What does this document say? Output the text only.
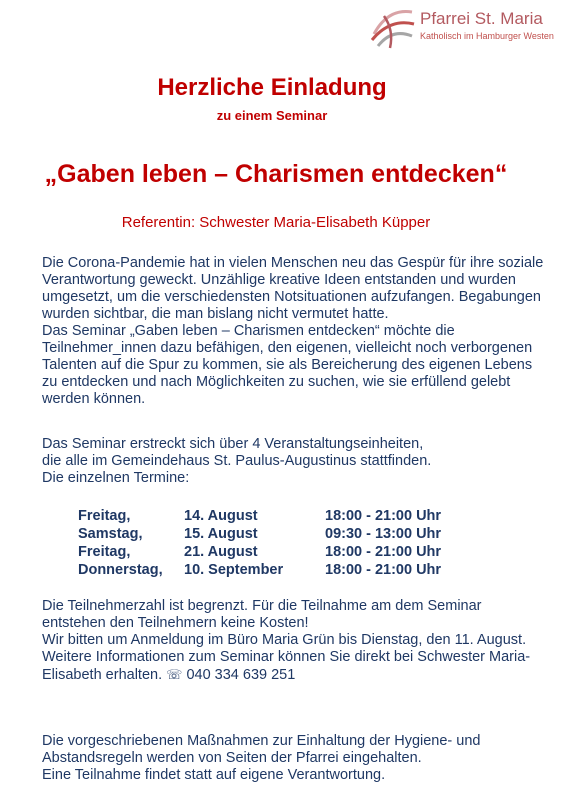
Pfarrei St. Maria
Katholisch im Hamburger Westen
Herzliche Einladung
zu einem Seminar
„Gaben leben – Charismen entdecken“
Referentin: Schwester Maria-Elisabeth Küpper

Die Corona-Pandemie hat in vielen Menschen neu das Gespür für ihre soziale
Verantwortung geweckt. Unzählige kreative Ideen entstanden und wurden
umgesetzt, um die verschiedensten Notsituationen aufzufangen. Begabungen
wurden sichtbar, die man bislang nicht vermutet hatte.
Das Seminar „Gaben leben – Charismen entdecken“ möchte die
Teilnehmer_innen dazu befähigen, den eigenen, vielleicht noch verborgenen
Talenten auf die Spur zu kommen, sie als Bereicherung des eigenen Lebens
zu entdecken und nach Möglichkeiten zu suchen, wie sie erfüllend gelebt
werden können.

Das Seminar erstreckt sich über 4 Veranstaltungseinheiten,
die alle im Gemeindehaus St. Paulus-Augustinus stattfinden.
Die einzelnen Termine:

Freitag,	14. August	18:00 - 21:00 Uhr
Samstag,	15. August	09:30 - 13:00 Uhr
Freitag,	21. August	18:00 - 21:00 Uhr
Donnerstag, 10. September	18:00 - 21:00 Uhr

Die Teilnehmerzahl ist begrenzt. Für die Teilnahme am dem Seminar
entstehen den Teilnehmern keine Kosten!
Wir bitten um Anmeldung im Büro Maria Grün bis Dienstag, den 11. August.
Weitere Informationen zum Seminar können Sie direkt bei Schwester Maria-
Elisabeth erhalten. ☏ 040 334 639 251

Die vorgeschriebenen Maßnahmen zur Einhaltung der Hygiene- und
Abstandsregeln werden von Seiten der Pfarrei eingehalten.
Eine Teilnahme findet statt auf eigene Verantwortung.
